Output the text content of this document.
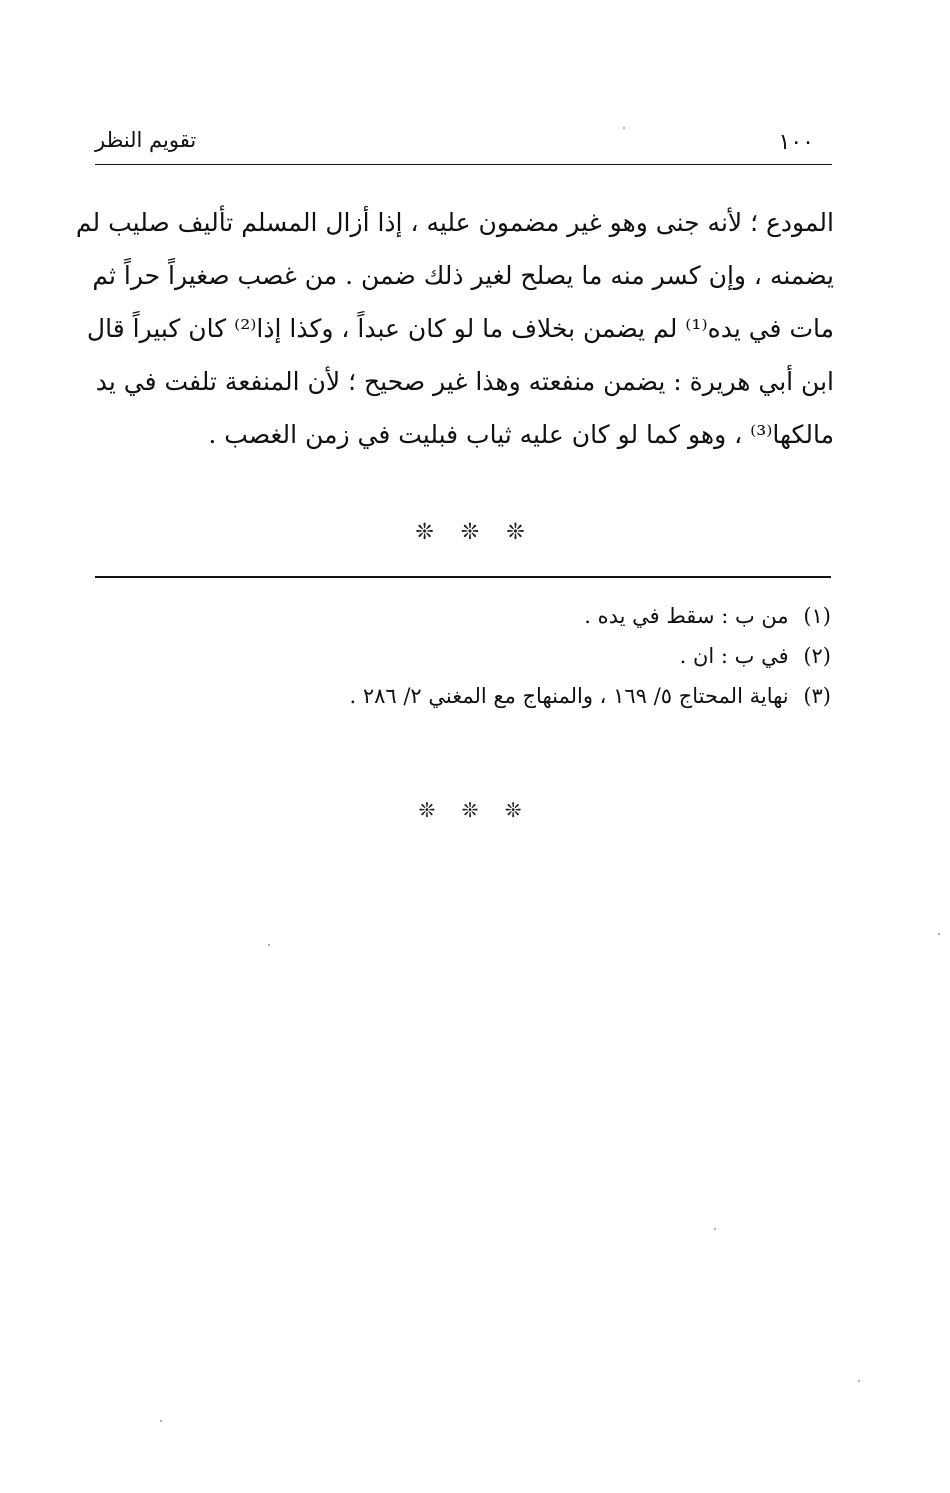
١٠٠
تقويم النظر

المودع ؛ لأنه جنى وهو غير مضمون عليه ، إذا أزال المسلم تأليف صليب لم
يضمنه ، وإن كسر منه ما يصلح لغير ذلك ضمن . من غصب صغيراً حراً ثم
مات في يده⁽¹⁾ لم يضمن بخلاف ما لو كان عبداً ، وكذا إذا⁽²⁾ كان كبيراً قال
ابن أبي هريرة : يضمن منفعته وهذا غير صحيح ؛ لأن المنفعة تلفت في يد
مالكها⁽³⁾ ، وهو كما لو كان عليه ثياب فبليت في زمن الغصب .

❊ ❊ ❊
(١) من ب : سقط في يده .
(٢) في ب : ان .
(٣) نهاية المحتاج ٥/ ١٦٩ ، والمنهاج مع المغني ٢/ ٢٨٦ .
❊ ❊ ❊
